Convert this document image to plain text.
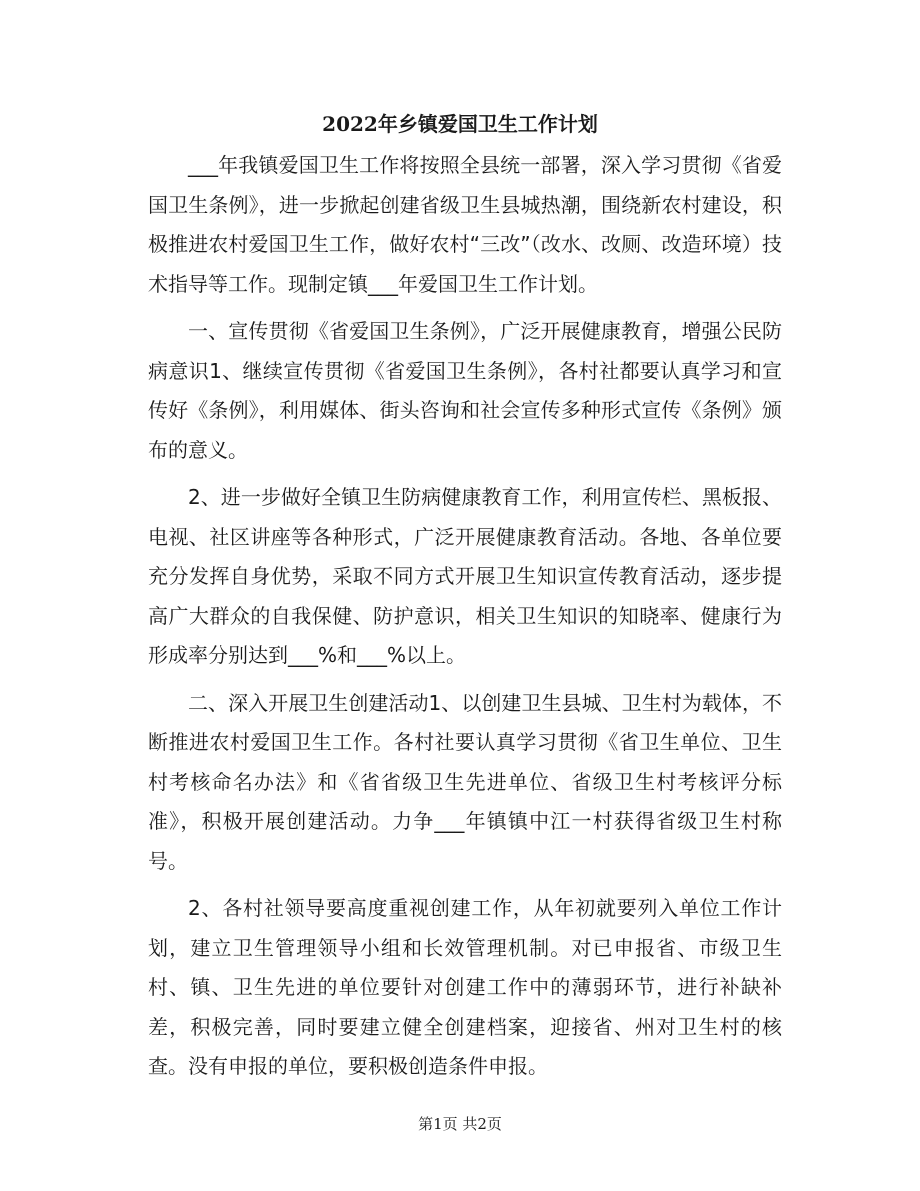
2022年乡镇爱国卫生工作计划

___年我镇爱国卫生工作将按照全县统一部署，深入学习贯彻《省爱国卫生条例》，进一步掀起创建省级卫生县城热潮，围绕新农村建设，积极推进农村爱国卫生工作，做好农村“三改”（改水、改厕、改造环境）技术指导等工作。现制定镇___年爱国卫生工作计划。

一、宣传贯彻《省爱国卫生条例》，广泛开展健康教育，增强公民防病意识1、继续宣传贯彻《省爱国卫生条例》，各村社都要认真学习和宣传好《条例》，利用媒体、街头咨询和社会宣传多种形式宣传《条例》颁布的意义。

2、进一步做好全镇卫生防病健康教育工作，利用宣传栏、黑板报、电视、社区讲座等各种形式，广泛开展健康教育活动。各地、各单位要充分发挥自身优势，采取不同方式开展卫生知识宣传教育活动，逐步提高广大群众的自我保健、防护意识，相关卫生知识的知晓率、健康行为形成率分别达到___%和___%以上。

二、深入开展卫生创建活动1、以创建卫生县城、卫生村为载体，不断推进农村爱国卫生工作。各村社要认真学习贯彻《省卫生单位、卫生村考核命名办法》和《省省级卫生先进单位、省级卫生村考核评分标准》，积极开展创建活动。力争___年镇镇中江一村获得省级卫生村称号。

2、各村社领导要高度重视创建工作，从年初就要列入单位工作计划，建立卫生管理领导小组和长效管理机制。对已申报省、市级卫生村、镇、卫生先进的单位要针对创建工作中的薄弱环节，进行补缺补差，积极完善，同时要建立健全创建档案，迎接省、州对卫生村的核查。没有申报的单位，要积极创造条件申报。

第1页 共2页
